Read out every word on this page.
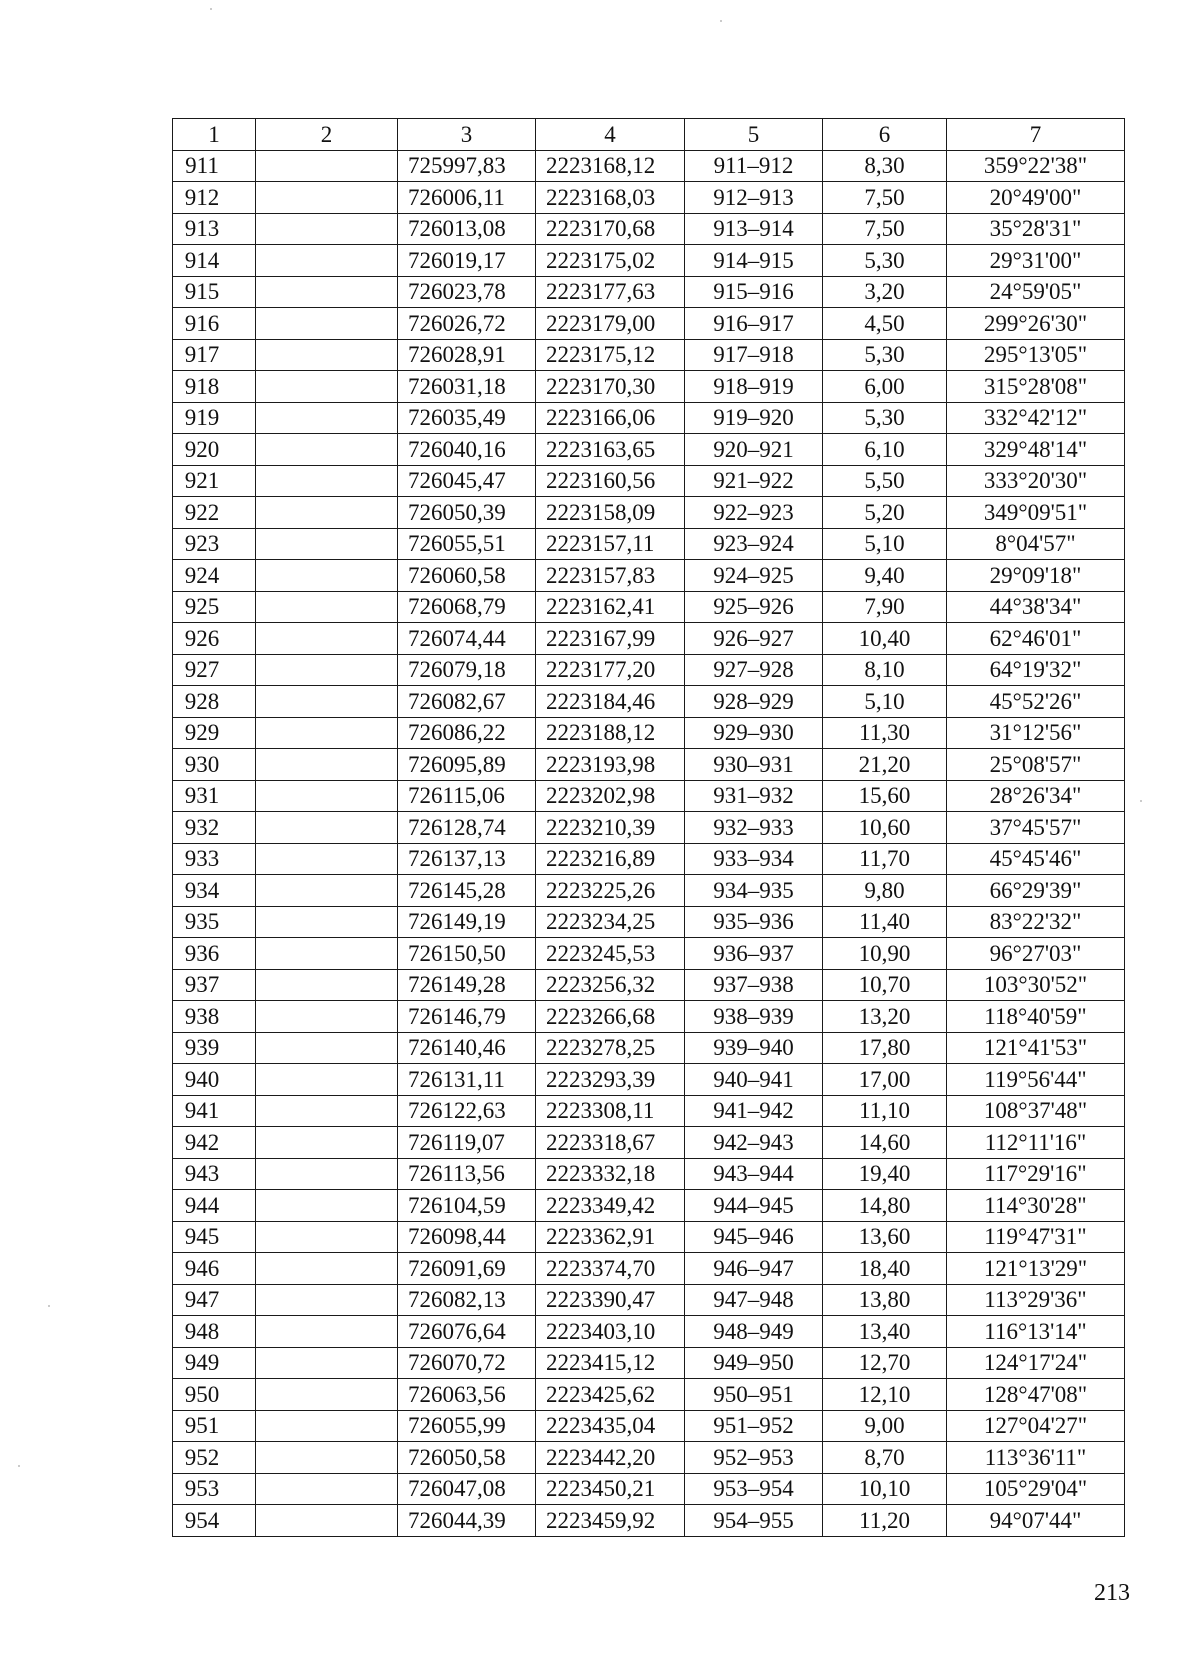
1	2	3	4	5	6	7
911		725997,83	2223168,12	911–912	8,30	359°22'38"
912		726006,11	2223168,03	912–913	7,50	20°49'00"
913		726013,08	2223170,68	913–914	7,50	35°28'31"
914		726019,17	2223175,02	914–915	5,30	29°31'00"
915		726023,78	2223177,63	915–916	3,20	24°59'05"
916		726026,72	2223179,00	916–917	4,50	299°26'30"
917		726028,91	2223175,12	917–918	5,30	295°13'05"
918		726031,18	2223170,30	918–919	6,00	315°28'08"
919		726035,49	2223166,06	919–920	5,30	332°42'12"
920		726040,16	2223163,65	920–921	6,10	329°48'14"
921		726045,47	2223160,56	921–922	5,50	333°20'30"
922		726050,39	2223158,09	922–923	5,20	349°09'51"
923		726055,51	2223157,11	923–924	5,10	8°04'57"
924		726060,58	2223157,83	924–925	9,40	29°09'18"
925		726068,79	2223162,41	925–926	7,90	44°38'34"
926		726074,44	2223167,99	926–927	10,40	62°46'01"
927		726079,18	2223177,20	927–928	8,10	64°19'32"
928		726082,67	2223184,46	928–929	5,10	45°52'26"
929		726086,22	2223188,12	929–930	11,30	31°12'56"
930		726095,89	2223193,98	930–931	21,20	25°08'57"
931		726115,06	2223202,98	931–932	15,60	28°26'34"
932		726128,74	2223210,39	932–933	10,60	37°45'57"
933		726137,13	2223216,89	933–934	11,70	45°45'46"
934		726145,28	2223225,26	934–935	9,80	66°29'39"
935		726149,19	2223234,25	935–936	11,40	83°22'32"
936		726150,50	2223245,53	936–937	10,90	96°27'03"
937		726149,28	2223256,32	937–938	10,70	103°30'52"
938		726146,79	2223266,68	938–939	13,20	118°40'59"
939		726140,46	2223278,25	939–940	17,80	121°41'53"
940		726131,11	2223293,39	940–941	17,00	119°56'44"
941		726122,63	2223308,11	941–942	11,10	108°37'48"
942		726119,07	2223318,67	942–943	14,60	112°11'16"
943		726113,56	2223332,18	943–944	19,40	117°29'16"
944		726104,59	2223349,42	944–945	14,80	114°30'28"
945		726098,44	2223362,91	945–946	13,60	119°47'31"
946		726091,69	2223374,70	946–947	18,40	121°13'29"
947		726082,13	2223390,47	947–948	13,80	113°29'36"
948		726076,64	2223403,10	948–949	13,40	116°13'14"
949		726070,72	2223415,12	949–950	12,70	124°17'24"
950		726063,56	2223425,62	950–951	12,10	128°47'08"
951		726055,99	2223435,04	951–952	9,00	127°04'27"
952		726050,58	2223442,20	952–953	8,70	113°36'11"
953		726047,08	2223450,21	953–954	10,10	105°29'04"
954		726044,39	2223459,92	954–955	11,20	94°07'44"
213
